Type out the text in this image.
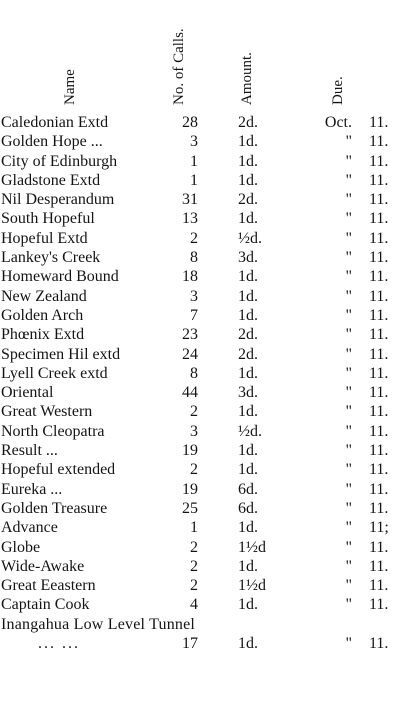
Name	No. of Calls.	Amount.	Due.
Caledonian Extd	28	2d.	Oct. 11.
Golden Hope ...	3	1d.	" 11.
City of Edinburgh	1	1d.	" 11.
Gladstone Extd	1	1d.	" 11.
Nil Desperandum	31	2d.	" 11.
South Hopeful	13	1d.	" 11.
Hopeful Extd	2	½d.	" 11.
Lankey's Creek	8	3d.	" 11.
Homeward Bound	18	1d.	" 11.
New Zealand	3	1d.	" 11.
Golden Arch	7	1d.	" 11.
Phœnix Extd	23	2d.	" 11.
Specimen Hil extd	24	2d.	" 11.
Lyell Creek extd	8	1d.	" 11.
Oriental	44	3d.	" 11.
Great Western	2	1d.	" 11.
North Cleopatra	3	½d.	" 11.
Result ...	19	1d.	" 11.
Hopeful extended	2	1d.	" 11.
Eureka ...	19	6d.	" 11.
Golden Treasure	25	6d.	" 11.
Advance	1	1d.	" 11;
Globe	2	1½d	" 11.
Wide-Awake	2	1d.	" 11.
Great Eeastern	2	1½d	" 11.
Captain Cook	4	1d.	" 11.
Inangahua Low Level Tunnel
... ...	17	1d.	" 11.
